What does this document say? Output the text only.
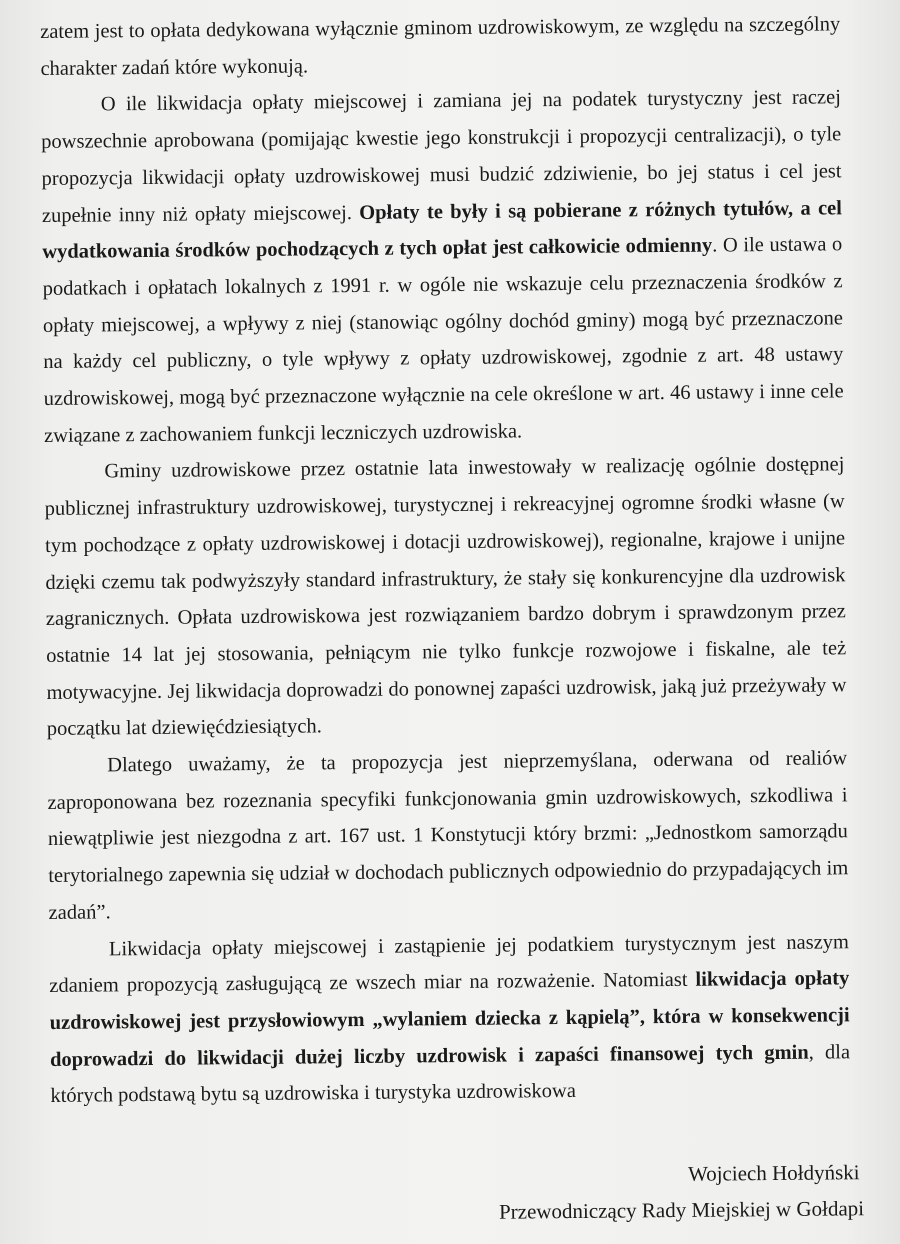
zatem jest to opłata dedykowana wyłącznie gminom uzdrowiskowym, ze względu na szczególny charakter zadań które wykonują.

O ile likwidacja opłaty miejscowej i zamiana jej na podatek turystyczny jest raczej powszechnie aprobowana (pomijając kwestie jego konstrukcji i propozycji centralizacji), o tyle propozycja likwidacji opłaty uzdrowiskowej musi budzić zdziwienie, bo jej status i cel jest zupełnie inny niż opłaty miejscowej. Opłaty te były i są pobierane z różnych tytułów, a cel wydatkowania środków pochodzących z tych opłat jest całkowicie odmienny. O ile ustawa o podatkach i opłatach lokalnych z 1991 r. w ogóle nie wskazuje celu przeznaczenia środków z opłaty miejscowej, a wpływy z niej (stanowiąc ogólny dochód gminy) mogą być przeznaczone na każdy cel publiczny, o tyle wpływy z opłaty uzdrowiskowej, zgodnie z art. 48 ustawy uzdrowiskowej, mogą być przeznaczone wyłącznie na cele określone w art. 46 ustawy i inne cele związane z zachowaniem funkcji leczniczych uzdrowiska.

Gminy uzdrowiskowe przez ostatnie lata inwestowały w realizację ogólnie dostępnej publicznej infrastruktury uzdrowiskowej, turystycznej i rekreacyjnej ogromne środki własne (w tym pochodzące z opłaty uzdrowiskowej i dotacji uzdrowiskowej), regionalne, krajowe i unijne dzięki czemu tak podwyższyły standard infrastruktury, że stały się konkurencyjne dla uzdrowisk zagranicznych. Opłata uzdrowiskowa jest rozwiązaniem bardzo dobrym i sprawdzonym przez ostatnie 14 lat jej stosowania, pełniącym nie tylko funkcje rozwojowe i fiskalne, ale też motywacyjne. Jej likwidacja doprowadzi do ponownej zapaści uzdrowisk, jaką już przeżywały w początku lat dziewięćdziesiątych.

Dlatego uważamy, że ta propozycja jest nieprzemyślana, oderwana od realiów zaproponowana bez rozeznania specyfiki funkcjonowania gmin uzdrowiskowych, szkodliwa i niewątpliwie jest niezgodna z art. 167 ust. 1 Konstytucji który brzmi: „Jednostkom samorządu terytorialnego zapewnia się udział w dochodach publicznych odpowiednio do przypadających im zadań”.

Likwidacja opłaty miejscowej i zastąpienie jej podatkiem turystycznym jest naszym zdaniem propozycją zasługującą ze wszech miar na rozważenie. Natomiast likwidacja opłaty uzdrowiskowej jest przysłowiowym „wylaniem dziecka z kąpielą”, która w konsekwencji doprowadzi do likwidacji dużej liczby uzdrowisk i zapaści finansowej tych gmin, dla których podstawą bytu są uzdrowiska i turystyka uzdrowiskowa

Wojciech Hołdyński
Przewodniczący Rady Miejskiej w Gołdapi
